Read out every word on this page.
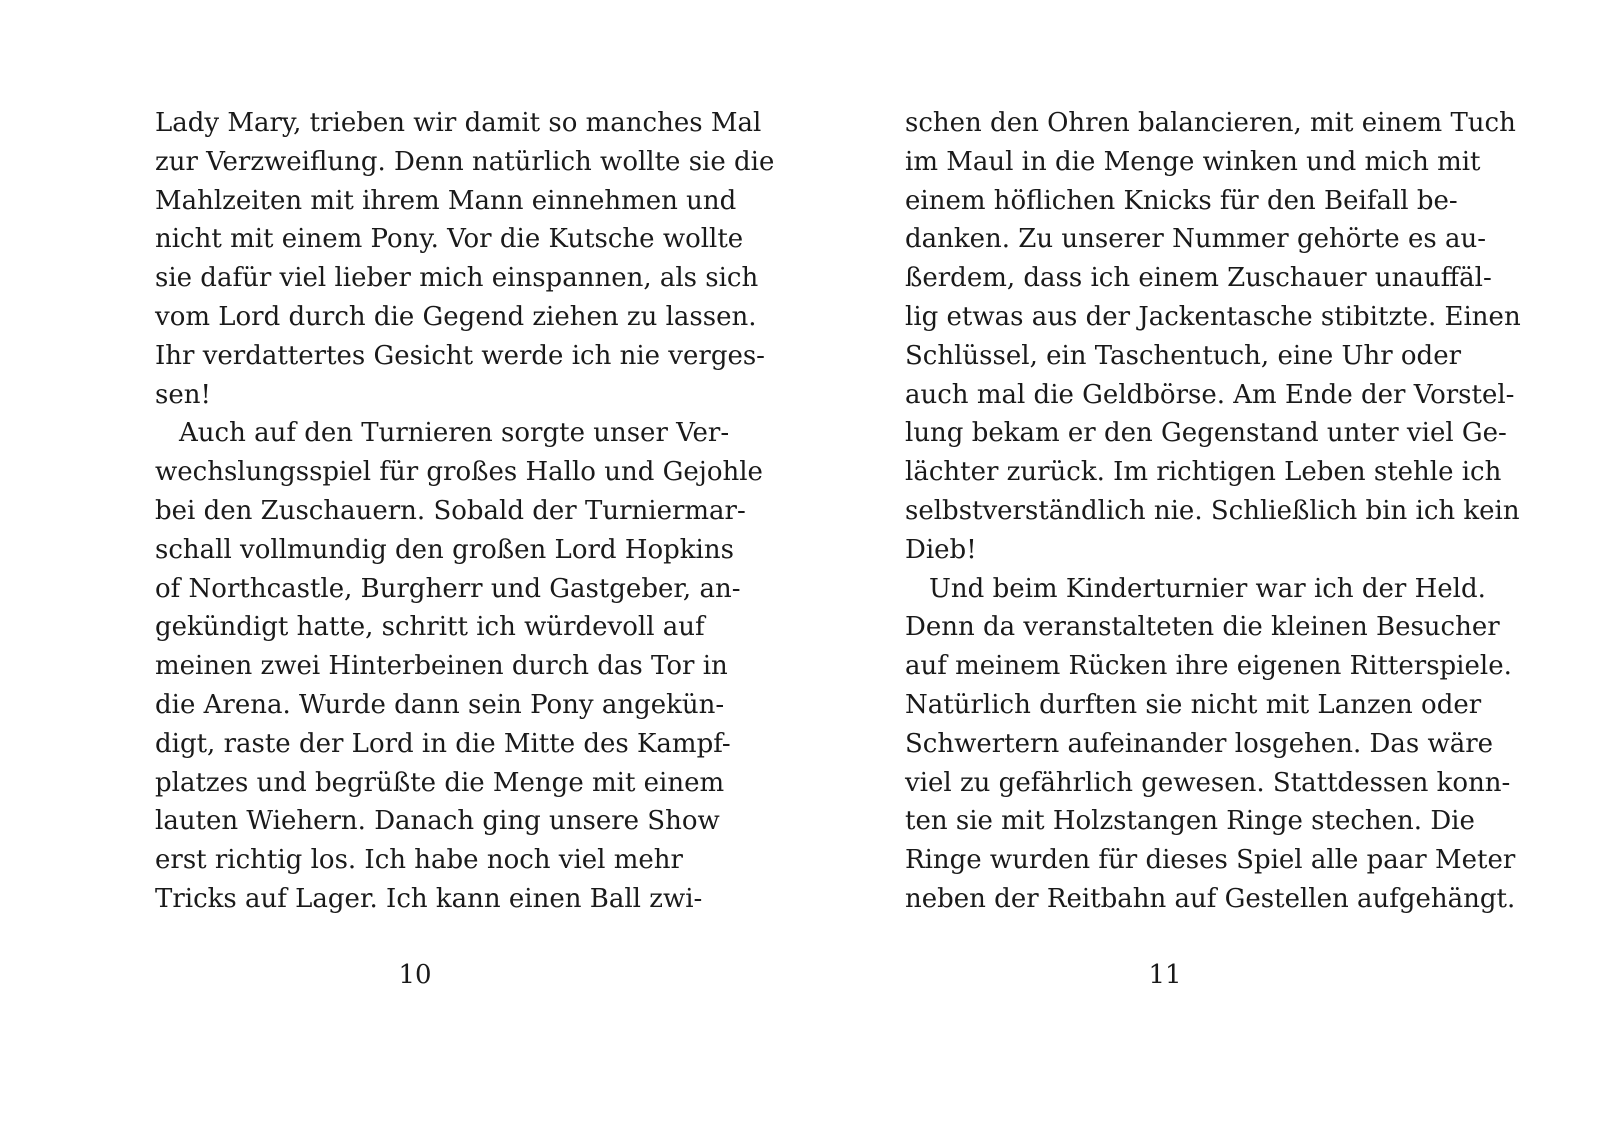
Lady Mary, trieben wir damit so manches Mal
zur Verzweiflung. Denn natürlich wollte sie die
Mahlzeiten mit ihrem Mann einnehmen und
nicht mit einem Pony. Vor die Kutsche wollte
sie dafür viel lieber mich einspannen, als sich
vom Lord durch die Gegend ziehen zu lassen.
Ihr verdattertes Gesicht werde ich nie verges-
sen!
Auch auf den Turnieren sorgte unser Ver-
wechslungsspiel für großes Hallo und Gejohle
bei den Zuschauern. Sobald der Turniermar-
schall vollmundig den großen Lord Hopkins
of Northcastle, Burgherr und Gastgeber, an-
gekündigt hatte, schritt ich würdevoll auf
meinen zwei Hinterbeinen durch das Tor in
die Arena. Wurde dann sein Pony angekün-
digt, raste der Lord in die Mitte des Kampf-
platzes und begrüßte die Menge mit einem
lauten Wiehern. Danach ging unsere Show
erst richtig los. Ich habe noch viel mehr
Tricks auf Lager. Ich kann einen Ball zwi-
10
schen den Ohren balancieren, mit einem Tuch
im Maul in die Menge winken und mich mit
einem höflichen Knicks für den Beifall be-
danken. Zu unserer Nummer gehörte es au-
ßerdem, dass ich einem Zuschauer unauffäl-
lig etwas aus der Jackentasche stibitzte. Einen
Schlüssel, ein Taschentuch, eine Uhr oder
auch mal die Geldbörse. Am Ende der Vorstel-
lung bekam er den Gegenstand unter viel Ge-
lächter zurück. Im richtigen Leben stehle ich
selbstverständlich nie. Schließlich bin ich kein
Dieb!
Und beim Kinderturnier war ich der Held.
Denn da veranstalteten die kleinen Besucher
auf meinem Rücken ihre eigenen Ritterspiele.
Natürlich durften sie nicht mit Lanzen oder
Schwertern aufeinander losgehen. Das wäre
viel zu gefährlich gewesen. Stattdessen konn-
ten sie mit Holzstangen Ringe stechen. Die
Ringe wurden für dieses Spiel alle paar Meter
neben der Reitbahn auf Gestellen aufgehängt.
11
